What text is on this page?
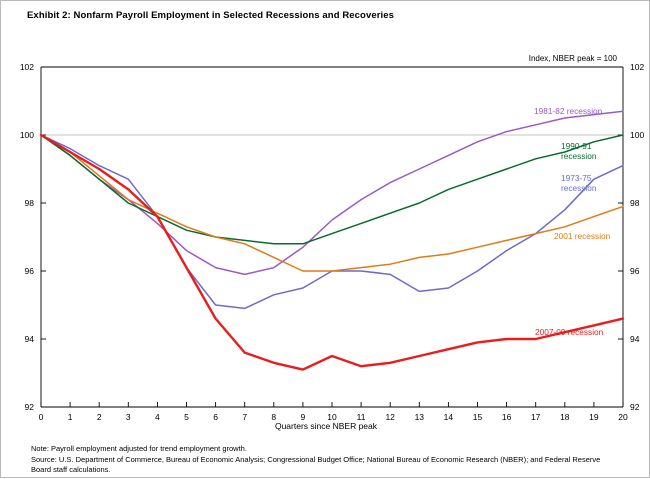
Exhibit 2: Nonfarm Payroll Employment in Selected Recessions and Recoveries
Index, NBER peak = 100
92	92
94	94
96	96
98	98
100	100
102	102
0	1	2	3	4	5	6	7	8	9	10 11 12 13 14 15 16 17 18 19 20
1981-82 recession
1990-91
recession
1973-75
recession
2001 recession
2007-09 recession
Quarters since NBER peak
Note: Payroll employment adjusted for trend employment growth.
Source: U.S. Department of Commerce, Bureau of Economic Analysis; Congressional Budget Office; National Bureau of Economic Research (NBER); and Federal Reserve
Board staff calculations.
